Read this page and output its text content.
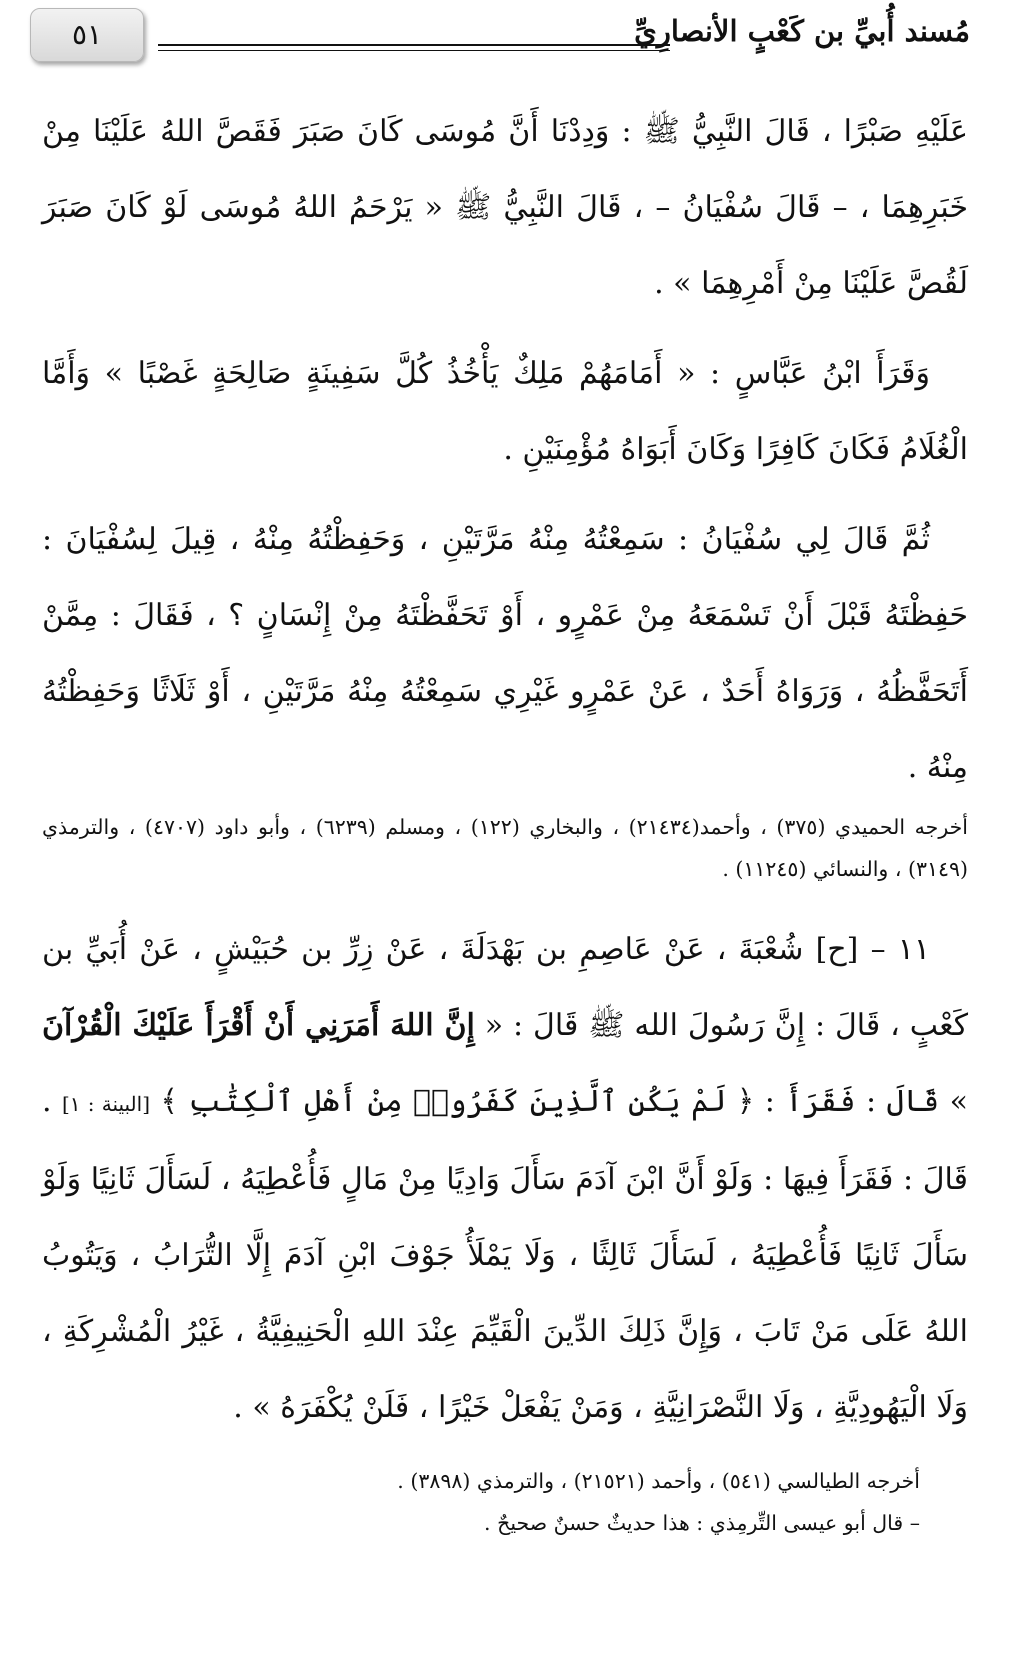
مُسند أُبيِّ بن كَعْبٍ الأنصارِيِّ
٥١

عَلَيْهِ صَبْرًا ، قَالَ النَّبِيُّ ﷺ : وَدِدْنَا أَنَّ مُوسَى كَانَ صَبَرَ فَقَصَّ اللهُ عَلَيْنَا مِنْ خَبَرِهِمَا ، – قَالَ سُفْيَانُ – ، قَالَ النَّبِيُّ ﷺ « يَرْحَمُ اللهُ مُوسَى لَوْ كَانَ صَبَرَ لَقُصَّ عَلَيْنَا مِنْ أَمْرِهِمَا » .

وَقَرَأَ ابْنُ عَبَّاسٍ : « أَمَامَهُمْ مَلِكٌ يَأْخُذُ كُلَّ سَفِينَةٍ صَالِحَةٍ غَصْبًا » وَأَمَّا الْغُلَامُ فَكَانَ كَافِرًا وَكَانَ أَبَوَاهُ مُؤْمِنَيْنِ .

ثُمَّ قَالَ لِي سُفْيَانُ : سَمِعْتُهُ مِنْهُ مَرَّتَيْنِ ، وَحَفِظْتُهُ مِنْهُ ، قِيلَ لِسُفْيَانَ : حَفِظْتَهُ قَبْلَ أَنْ تَسْمَعَهُ مِنْ عَمْرٍو ، أَوْ تَحَفَّظْتَهُ مِنْ إِنْسَانٍ ؟ ، فَقَالَ : مِمَّنْ أَتَحَفَّظُهُ ، وَرَوَاهُ أَحَدٌ ، عَنْ عَمْرٍو غَيْرِي سَمِعْتُهُ مِنْهُ مَرَّتَيْنِ ، أَوْ ثَلَاثًا وَحَفِظْتُهُ مِنْهُ .

أخرجه الحميدي (٣٧٥) ، وأحمد(٢١٤٣٤) ، والبخاري (١٢٢) ، ومسلم (٦٢٣٩) ، وأبو داود (٤٧٠٧) ، والترمذي (٣١٤٩) ، والنسائي (١١٢٤٥) .

١١ – [ح] شُعْبَةَ ، عَنْ عَاصِمِ بن بَهْدَلَةَ ، عَنْ زِرِّ بن حُبَيْشٍ ، عَنْ أُبَيِّ بن كَعْبٍ ، قَالَ : إِنَّ رَسُولَ الله ﷺ قَالَ : « إِنَّ اللهَ أَمَرَنِي أَنْ أَقْرَأَ عَلَيْكَ الْقُرْآنَ » قَالَ : فَقَرَأَ : ﴿ لَمْ يَكُنِ ٱلَّذِينَ كَفَرُوا۟ مِنْ أَهْلِ ٱلْكِتَٰبِ ﴾ [البينة : ١] . قَالَ : فَقَرَأَ فِيهَا : وَلَوْ أَنَّ ابْنَ آدَمَ سَأَلَ وَادِيًا مِنْ مَالٍ فَأُعْطِيَهُ ، لَسَأَلَ ثَانِيًا وَلَوْ سَأَلَ ثَانِيًا فَأُعْطِيَهُ ، لَسَأَلَ ثَالِثًا ، وَلَا يَمْلَأُ جَوْفَ ابْنِ آدَمَ إِلَّا التُّرَابُ ، وَيَتُوبُ اللهُ عَلَى مَنْ تَابَ ، وَإِنَّ ذَلِكَ الدِّينَ الْقَيِّمَ عِنْدَ اللهِ الْحَنِيفِيَّةُ ، غَيْرُ الْمُشْرِكَةِ ، وَلَا الْيَهُودِيَّةِ ، وَلَا النَّصْرَانِيَّةِ ، وَمَنْ يَفْعَلْ خَيْرًا ، فَلَنْ يُكْفَرَهُ » .

أخرجه الطيالسي (٥٤١) ، وأحمد (٢١٥٢١) ، والترمذي (٣٨٩٨) .

– قال أبو عيسى التِّرمِذي : هذا حديثٌ حسنٌ صحيحٌ .
